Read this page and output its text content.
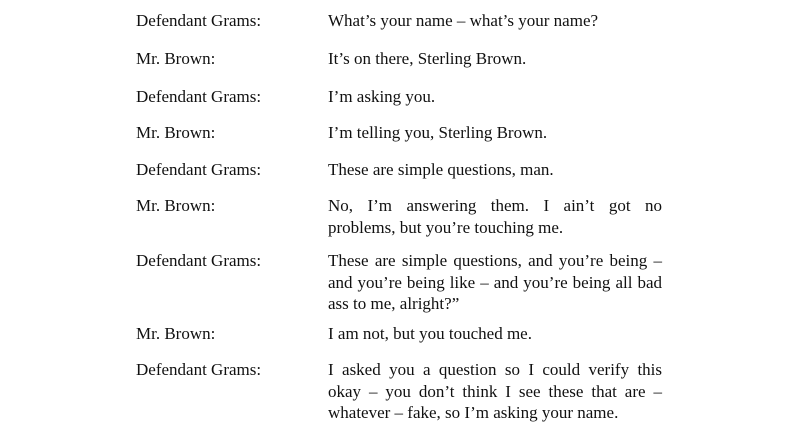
Defendant Grams:	What’s your name – what’s your name?
Mr. Brown:	It’s on there, Sterling Brown.
Defendant Grams:	I’m asking you.
Mr. Brown:	I’m telling you, Sterling Brown.
Defendant Grams:	These are simple questions, man.
Mr. Brown:	No, I’m answering them. I ain’t got no problems, but you’re touching me.
Defendant Grams:	These are simple questions, and you’re being – and you’re being like – and you’re being all bad ass to me, alright?”
Mr. Brown:	I am not, but you touched me.
Defendant Grams:	I asked you a question so I could verify this okay – you don’t think I see these that are – whatever – fake, so I’m asking your name.
